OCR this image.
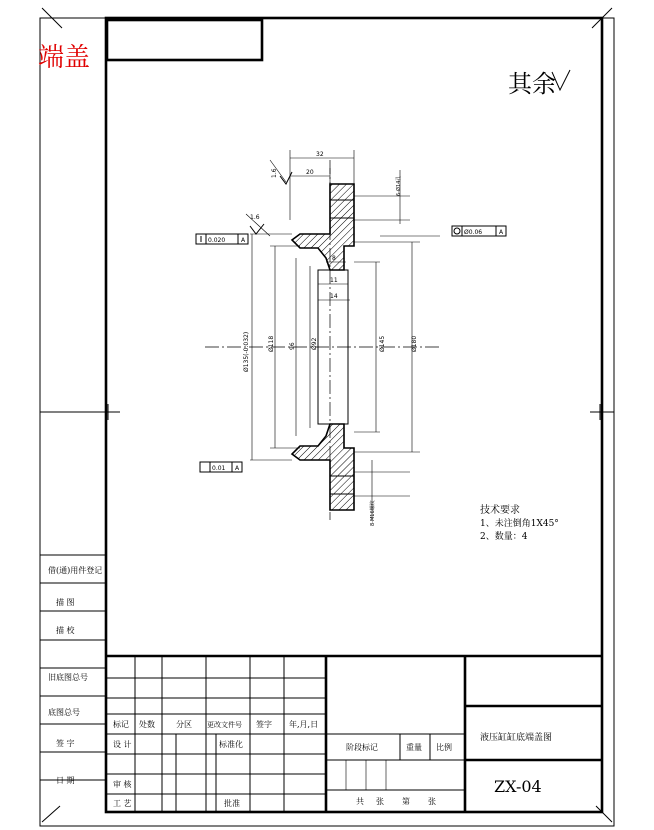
端盖
其余
32
20
1.6
1.6
8
11
14
Ø135(-0.032)	Ø118 96	Ø92	Ø145	Ø180
6-Ø14孔
8-M16螺纹
0.020	A
0.01 A
Ø0.06	A
技术要求
1、未注倒角1X45°
2、数量：4
借(通)用件登记
描 图
描 校
旧底图总号
底图总号
签 字
日 期
标记 处数	分区 更改文件号 签字 年,月,日
设 计	标准化
审 核
工 艺	批准
阶段标记	重量 比例
共 张 第 张
液压缸缸底端盖图
ZX-04
